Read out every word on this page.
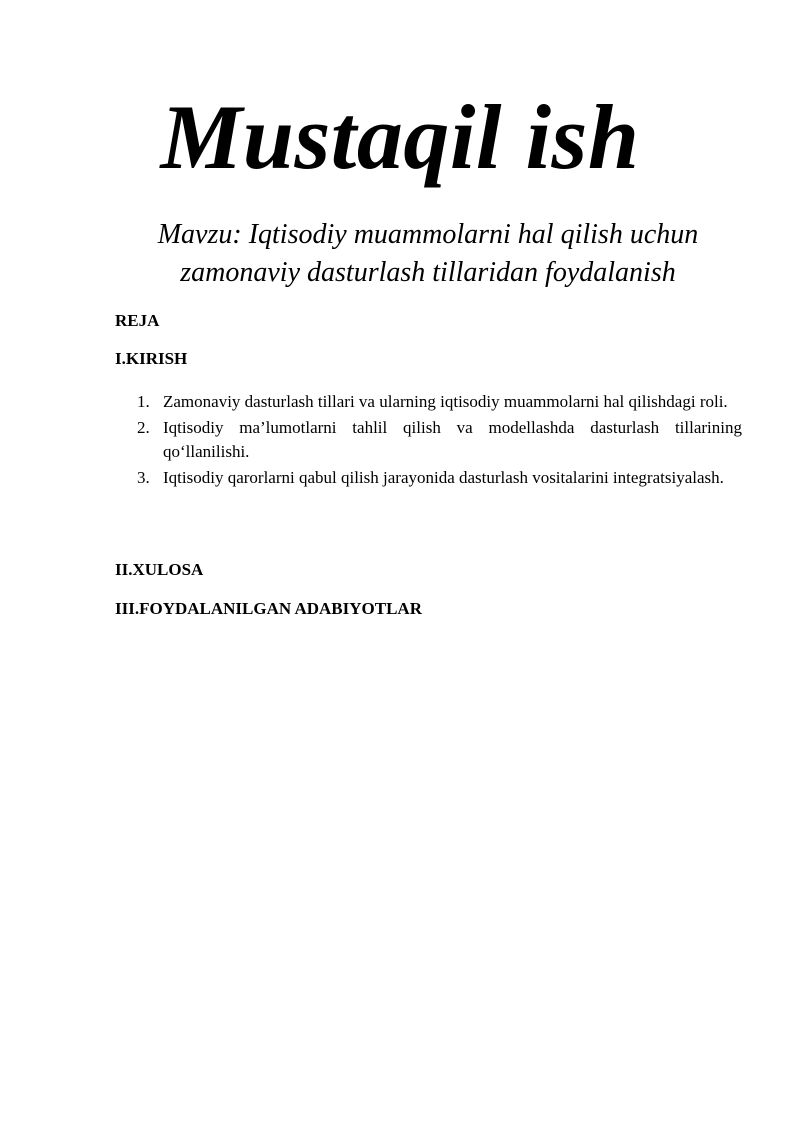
Mustaqil ish

Mavzu: Iqtisodiy muammolarni hal qilish uchun zamonaviy dasturlash tillaridan foydalanish

REJA

I.KIRISH

1. Zamonaviy dasturlash tillari va ularning iqtisodiy muammolarni hal qilishdagi roli.
2. Iqtisodiy ma’lumotlarni tahlil qilish va modellashda dasturlash tillarining qo‘llanilishi.
3. Iqtisodiy qarorlarni qabul qilish jarayonida dasturlash vositalarini integratsiyalash.

II.XULOSA

III.FOYDALANILGAN ADABIYOTLAR
